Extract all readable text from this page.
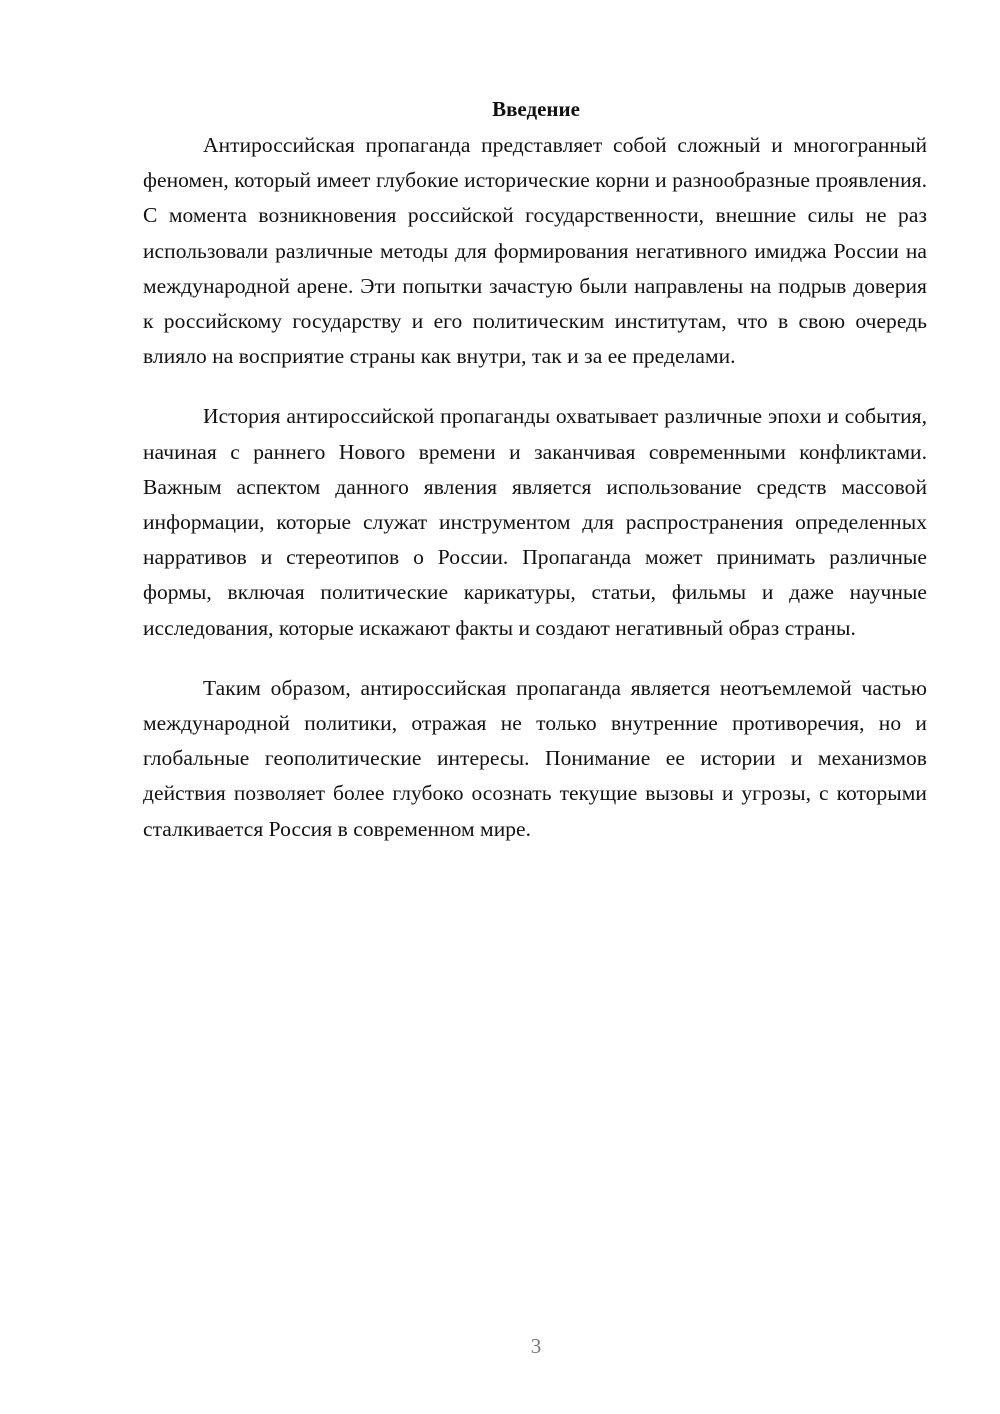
Введение

Антироссийская пропаганда представляет собой сложный и многогранный феномен, который имеет глубокие исторические корни и разнообразные проявления. С момента возникновения российской государственности, внешние силы не раз использовали различные методы для формирования негативного имиджа России на международной арене. Эти попытки зачастую были направлены на подрыв доверия к российскому государству и его политическим институтам, что в свою очередь влияло на восприятие страны как внутри, так и за ее пределами.

История антироссийской пропаганды охватывает различные эпохи и события, начиная с раннего Нового времени и заканчивая современными конфликтами. Важным аспектом данного явления является использование средств массовой информации, которые служат инструментом для распространения определенных нарративов и стереотипов о России. Пропаганда может принимать различные формы, включая политические карикатуры, статьи, фильмы и даже научные исследования, которые искажают факты и создают негативный образ страны.

Таким образом, антироссийская пропаганда является неотъемлемой частью международной политики, отражая не только внутренние противоречия, но и глобальные геополитические интересы. Понимание ее истории и механизмов действия позволяет более глубоко осознать текущие вызовы и угрозы, с которыми сталкивается Россия в современном мире.

3
